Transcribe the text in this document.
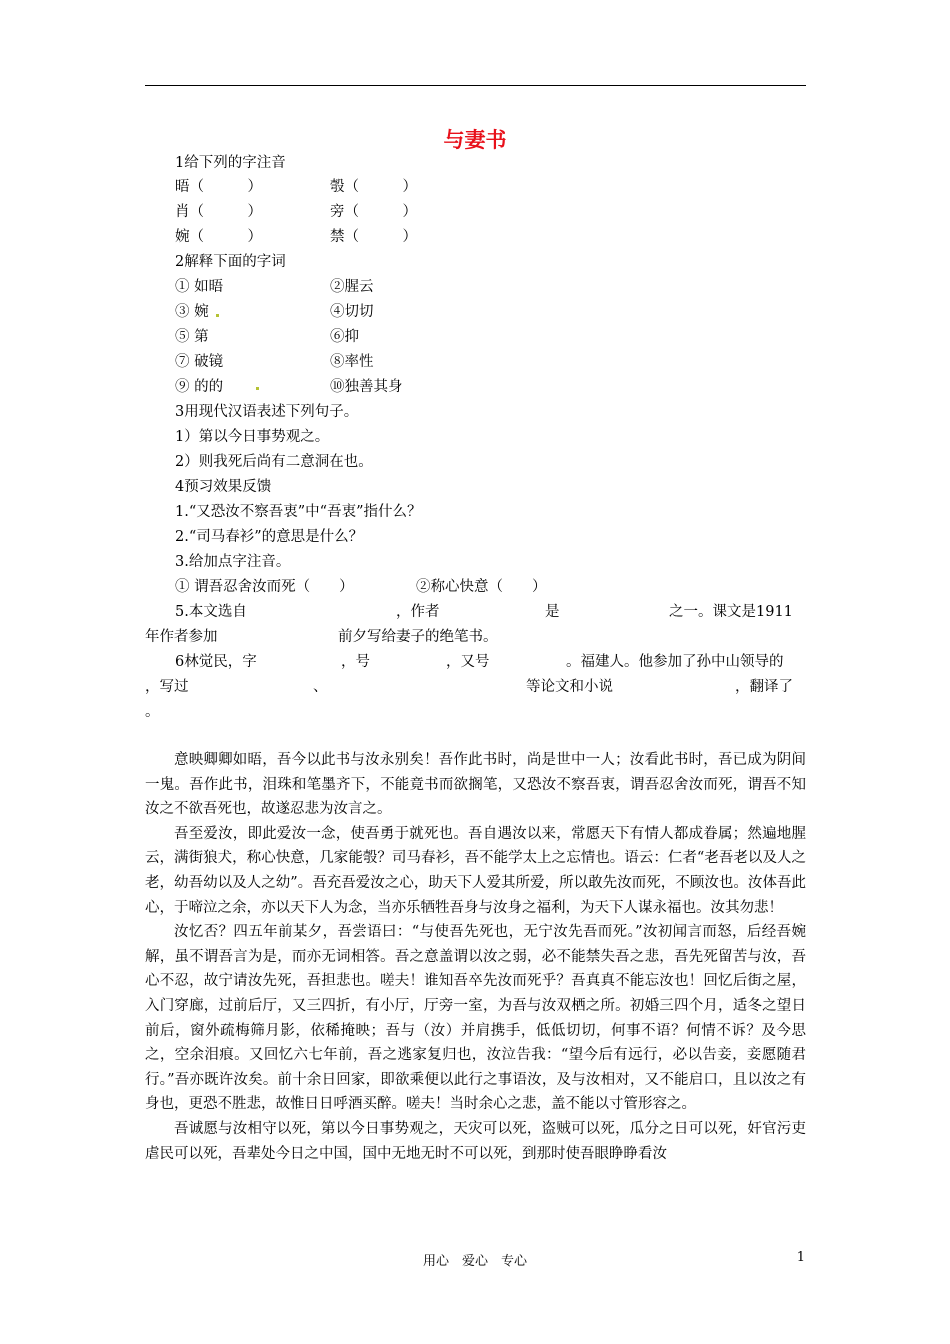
与妻书
1给下列的字注音
晤（　　　）	彀（　　　）
肖（　　　）	旁（　　　）
婉（　　　）	禁（　　　）
2解释下面的字词
① 如晤	②腥云
③ 婉	④切切
⑤ 第	⑥抑
⑦ 破镜	⑧率性
⑨ 的的	⑩独善其身
3用现代汉语表述下列句子。
1）第以今日事势观之。
2）则我死后尚有二意洞在也。
4预习效果反馈
1.“又恐汝不察吾衷”中“吾衷”指什么？
2.“司马春衫”的意思是什么？
3.给加点字注音。
① 谓吾忍舍汝而死（　　）	②称心快意（　　）
5.本文选自	，作者	是	之一。课文是1911
年作者参加	前夕写给妻子的绝笔书。
6林觉民，字	，号	，又号	。福建人。他参加了孙中山领导的
，写过	、	等论文和小说	，翻译了
。

意映卿卿如晤，吾今以此书与汝永别矣！吾作此书时，尚是世中一人；汝看此书时，吾已成为阴间一鬼。吾作此书，泪珠和笔墨齐下，不能竟书而欲搁笔，又恐汝不察吾衷，谓吾忍舍汝而死，谓吾不知汝之不欲吾死也，故遂忍悲为汝言之。

吾至爱汝，即此爱汝一念，使吾勇于就死也。吾自遇汝以来，常愿天下有情人都成眷属；然遍地腥云，满街狼犬，称心快意，几家能彀？司马春衫，吾不能学太上之忘情也。语云：仁者“老吾老以及人之老，幼吾幼以及人之幼”。吾充吾爱汝之心，助天下人爱其所爱，所以敢先汝而死，不顾汝也。汝体吾此心，于啼泣之余，亦以天下人为念，当亦乐牺牲吾身与汝身之福利，为天下人谋永福也。汝其勿悲！

汝忆否？四五年前某夕，吾尝语曰：“与使吾先死也，无宁汝先吾而死。”汝初闻言而怒，后经吾婉解，虽不谓吾言为是，而亦无词相答。吾之意盖谓以汝之弱，必不能禁失吾之悲，吾先死留苦与汝，吾心不忍，故宁请汝先死，吾担悲也。嗟夫！谁知吾卒先汝而死乎？吾真真不能忘汝也！回忆后街之屋，入门穿廊，过前后厅，又三四折，有小厅，厅旁一室，为吾与汝双栖之所。初婚三四个月，适冬之望日前后，窗外疏梅筛月影，依稀掩映；吾与（汝）并肩携手，低低切切，何事不语？何情不诉？及今思之，空余泪痕。又回忆六七年前，吾之逃家复归也，汝泣告我：“望今后有远行，必以告妾，妾愿随君行。”吾亦既许汝矣。前十余日回家，即欲乘便以此行之事语汝，及与汝相对，又不能启口，且以汝之有身也，更恐不胜悲，故惟日日呼酒买醉。嗟夫！当时余心之悲，盖不能以寸管形容之。

吾诚愿与汝相守以死，第以今日事势观之，天灾可以死，盗贼可以死，瓜分之日可以死，奸官污吏虐民可以死，吾辈处今日之中国，国中无地无时不可以死，到那时使吾眼睁睁看汝

用心　爱心　专心	1
